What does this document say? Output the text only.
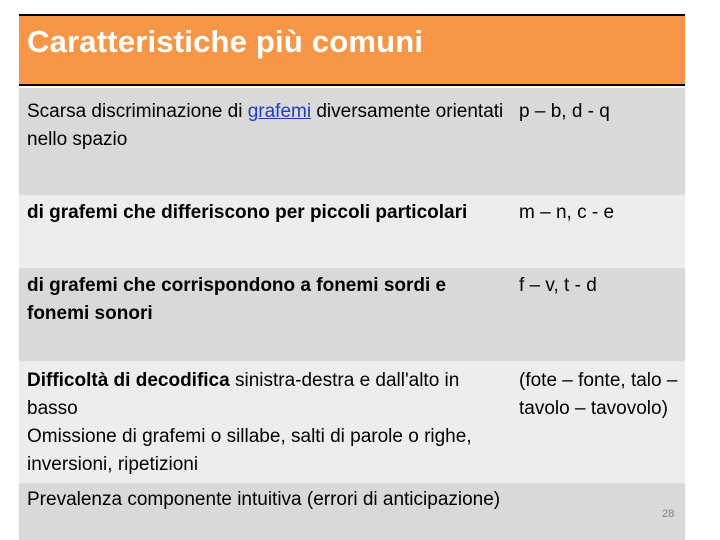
Caratteristiche più comuni
Scarsa discriminazione di grafemi diversamente orientati nello spazio
p – b, d - q
di grafemi che differiscono per piccoli particolari	m – n, c - e
di grafemi che corrispondono a fonemi sordi e fonemi sonori
f – v, t - d
Difficoltà di decodifica sinistra-destra e dall'alto in basso
Omissione di grafemi o sillabe, salti di parole o righe, inversioni, ripetizioni
(fote – fonte, talo – tavolo – tavovolo)
Prevalenza componente intuitiva (errori di anticipazione)
28
